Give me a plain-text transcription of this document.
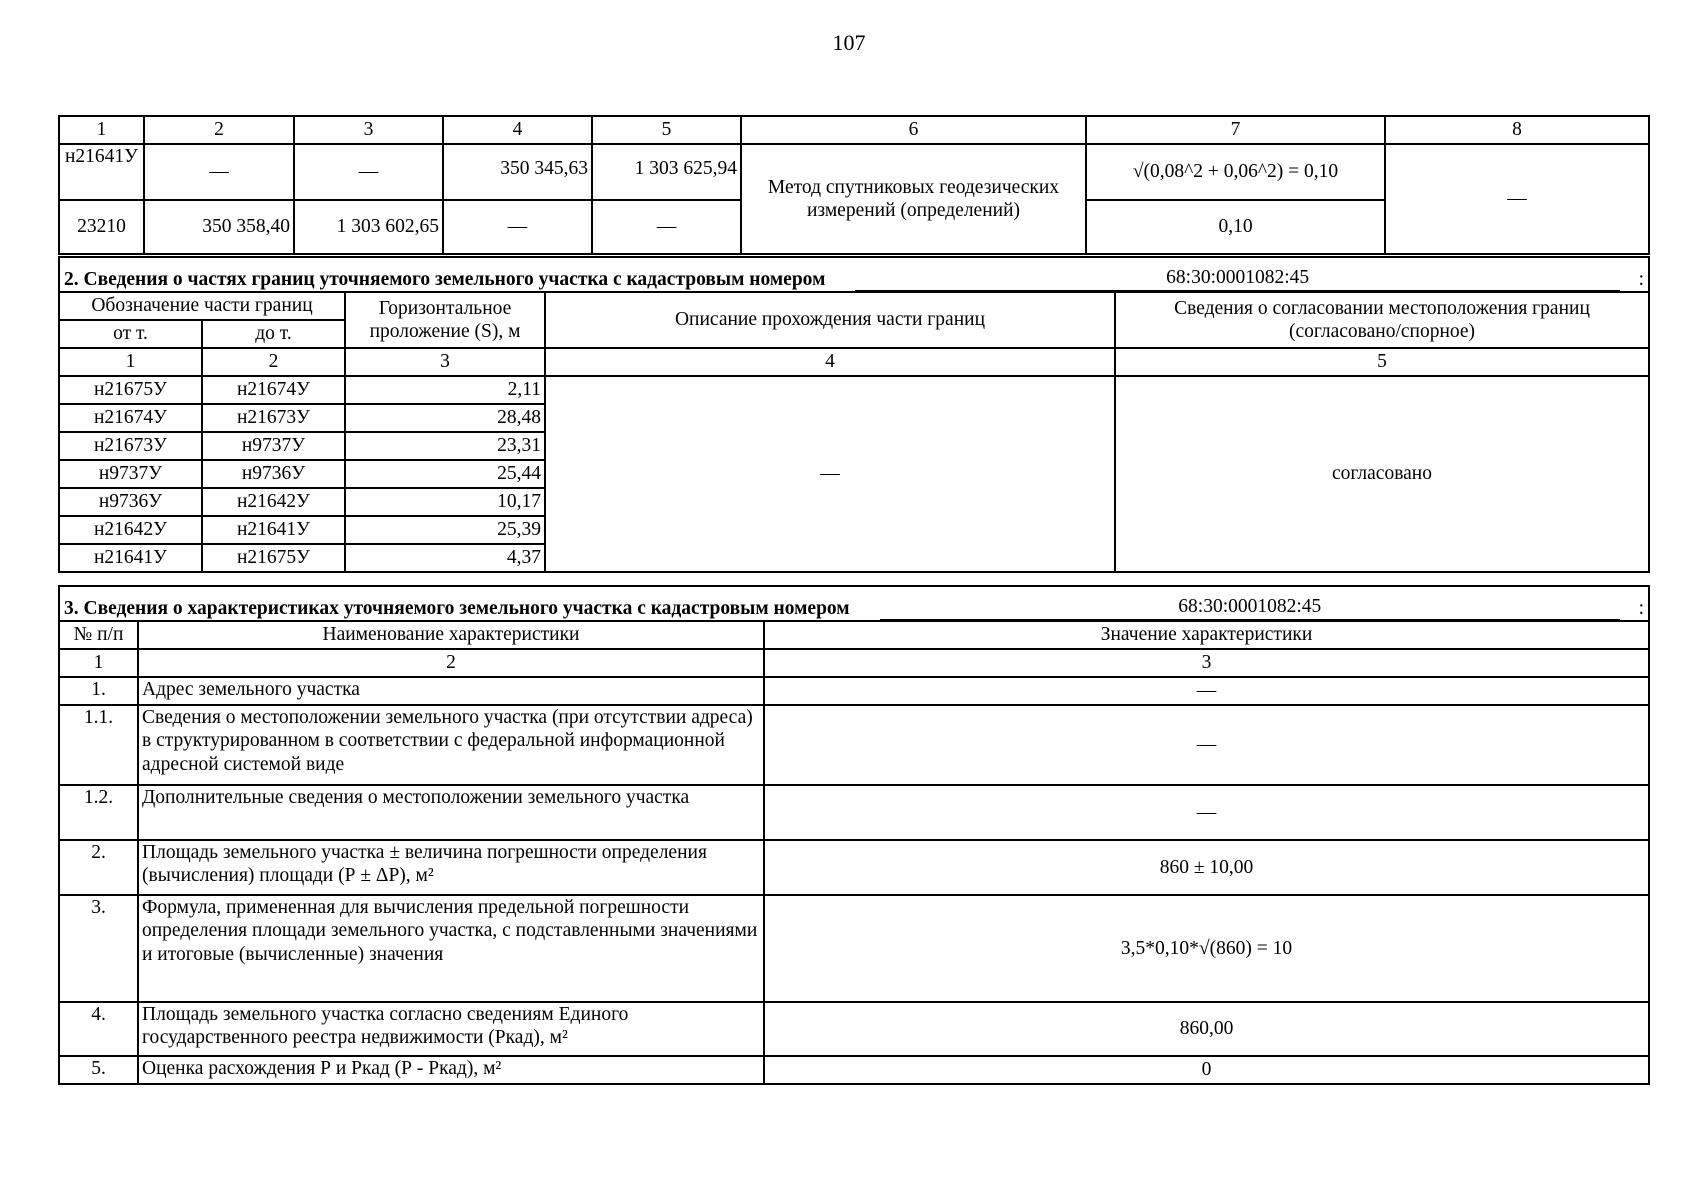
107
1	2	3	4	5	6	7	8
н21641У	—	—	350 345,63	1 303 625,94	Метод спутниковых геодезических измерений (определений)	√(0,08^2 + 0,06^2) = 0,10	—
23210	350 358,40	1 303 602,65	—	—		0,10	
2. Сведения о частях границ уточняемого земельного участка с кадастровым номером 68:30:0001082:45 :				

Обозначение части границ		Горизонтальное проложение (S), м	Описание прохождения части границ	Сведения о согласовании местоположения границ (согласовано/спорное)
от т.	до т.			
1	2	3	4	5
н21675У	н21674У	2,11	—	согласовано
н21674У	н21673У	28,48		
н21673У	н9737У	23,31		
н9737У	н9736У	25,44		
н9736У	н21642У	10,17		
н21642У	н21641У	25,39		
н21641У	н21675У	4,37		
3. Сведения о характеристиках уточняемого земельного участка с кадастровым номером 68:30:0001082:45 :		

№ п/п	Наименование характеристики	Значение характеристики
1	2	3
1.	Адрес земельного участка	—
1.1.	Сведения о местоположении земельного участка (при отсутствии адреса) в структурированном в соответствии с федеральной информационной адресной системой виде	—
1.2.	Дополнительные сведения о местоположении земельного участка	—
2.	Площадь земельного участка ± величина погрешности определения (вычисления) площади (Р ± ΔР), м²	860 ± 10,00
3.	Формула, примененная для вычисления предельной погрешности определения площади земельного участка, с подставленными значениями и итоговые (вычисленные) значения	3,5*0,10*√(860) = 10
4.	Площадь земельного участка согласно сведениям Единого государственного реестра недвижимости (Ркад), м²	860,00
5.	Оценка расхождения Р и Ркад (Р - Ркад), м²	0
